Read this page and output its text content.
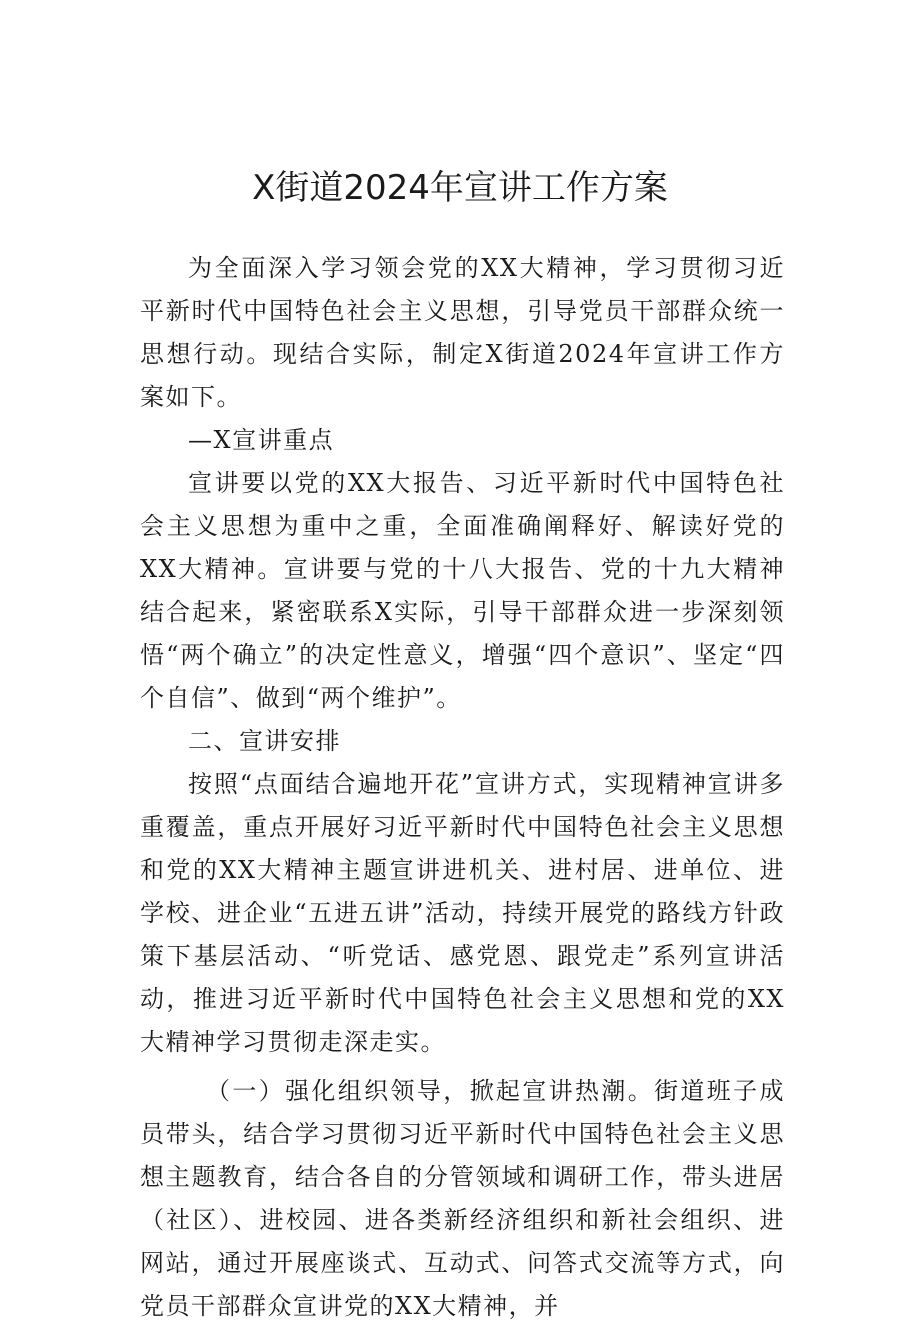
X街道2024年宣讲工作方案

为全面深入学习领会党的XX大精神，学习贯彻习近平新时代中国特色社会主义思想，引导党员干部群众统一思想行动。现结合实际，制定X街道2024年宣讲工作方案如下。

—X宣讲重点

宣讲要以党的XX大报告、习近平新时代中国特色社会主义思想为重中之重，全面准确阐释好、解读好党的XX大精神。宣讲要与党的十八大报告、党的十九大精神结合起来，紧密联系X实际，引导干部群众进一步深刻领悟“两个确立”的决定性意义，增强“四个意识”、坚定“四个自信”、做到“两个维护”。

二、宣讲安排

按照“点面结合遍地开花”宣讲方式，实现精神宣讲多重覆盖，重点开展好习近平新时代中国特色社会主义思想和党的XX大精神主题宣讲进机关、进村居、进单位、进学校、进企业“五进五讲”活动，持续开展党的路线方针政策下基层活动、“听党话、感党恩、跟党走”系列宣讲活动，推进习近平新时代中国特色社会主义思想和党的XX大精神学习贯彻走深走实。

（一）强化组织领导，掀起宣讲热潮。街道班子成员带头，结合学习贯彻习近平新时代中国特色社会主义思想主题教育，结合各自的分管领域和调研工作，带头进居（社区）、进校园、进各类新经济组织和新社会组织、进网站，通过开展座谈式、互动式、问答式交流等方式，向党员干部群众宣讲党的XX大精神，并
